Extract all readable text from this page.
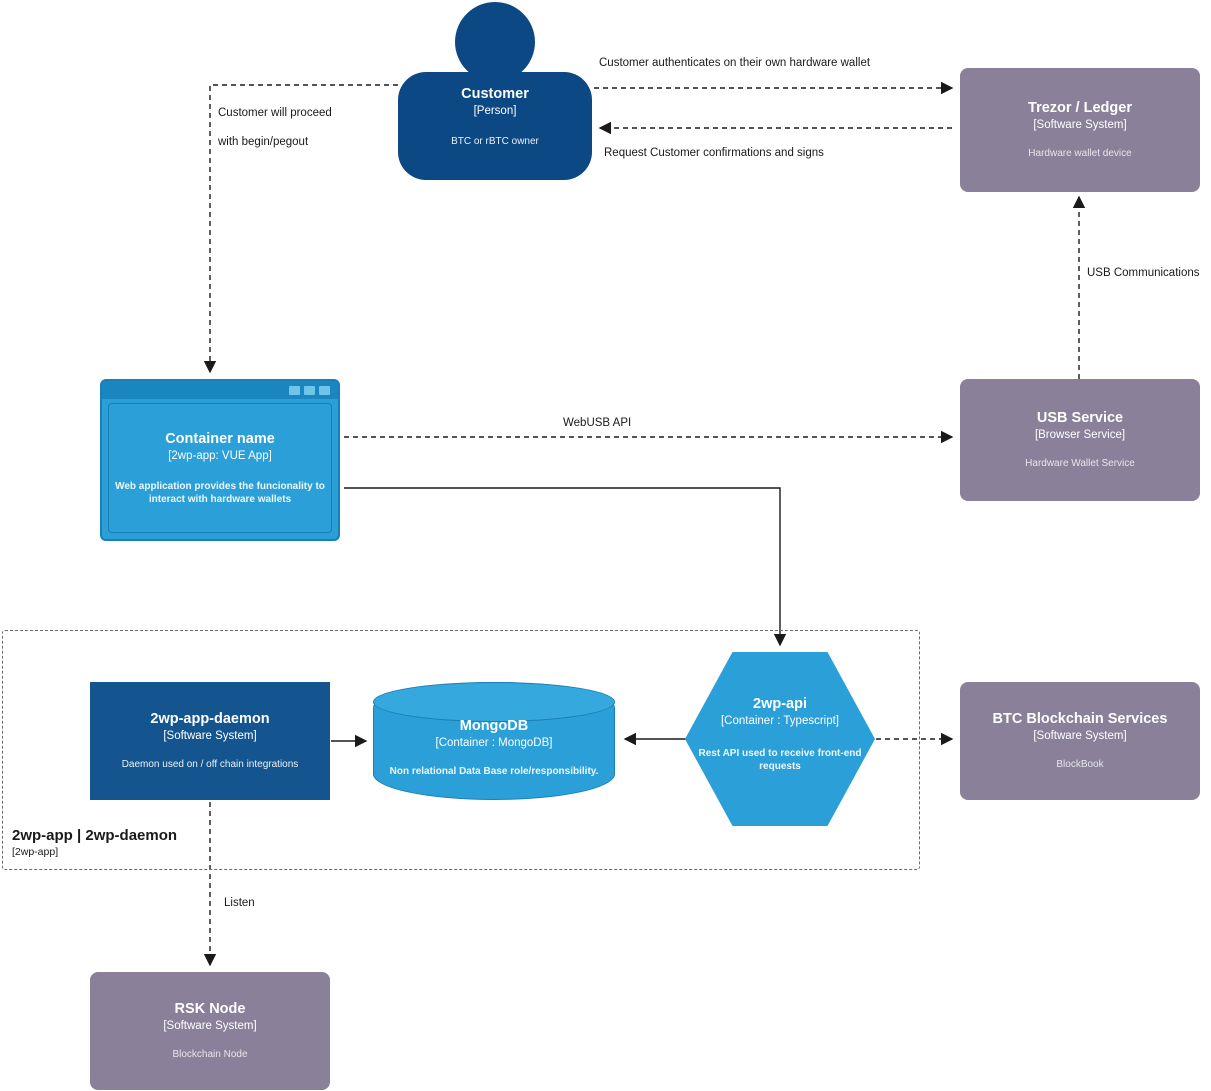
2wp-app | 2wp-daemon
[2wp-app]
Customer
[Person]
BTC or rBTC owner
Trezor / Ledger
[Software System]
Hardware wallet device
USB Service
[Browser Service]
Hardware Wallet Service
Container name
[2wp-app: VUE App]
Web application provides the funcionality to interact with hardware wallets
2wp-app-daemon
[Software System]
Daemon used on / off chain integrations
MongoDB
[Container : MongoDB]
Non relational Data Base role/responsibility.
2wp-api
[Container : Typescript]
Rest API used to receive front-end requests
BTC Blockchain Services
[Software System]
BlockBook
RSK Node
[Software System]
Blockchain Node
Customer authenticates on their own hardware wallet
Customer will proceed
with begin/pegout
Request Customer confirmations and signs
USB Communications
WebUSB API
Listen
